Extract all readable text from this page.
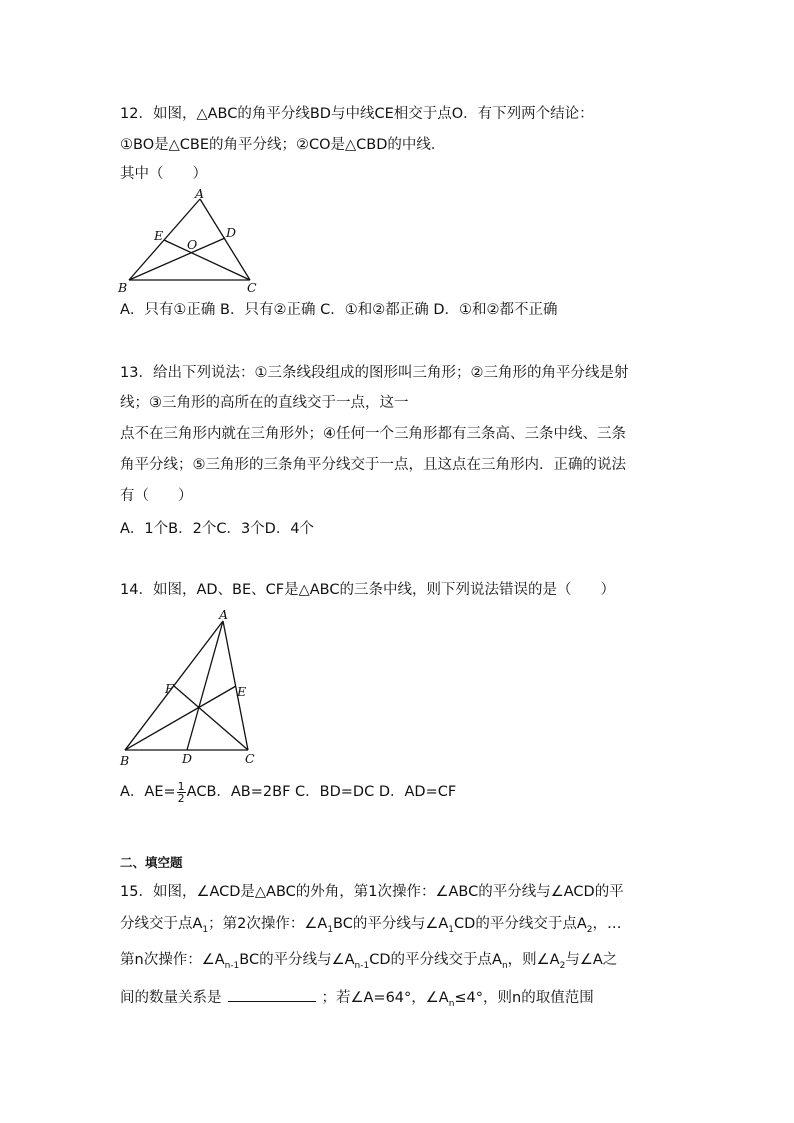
12．如图，△ABC的角平分线BD与中线CE相交于点O．有下列两个结论：
①BO是△CBE的角平分线；②CO是△CBD的中线．
其中（　　）
A
B	C
D
E
O
A．只有①正确 B．只有②正确 C．①和②都正确 D．①和②都不正确
13．给出下列说法：①三条线段组成的图形叫三角形；②三角形的角平分线是射
线；③三角形的高所在的直线交于一点，这一
点不在三角形内就在三角形外；④任何一个三角形都有三条高、三条中线、三条
角平分线；⑤三角形的三条角平分线交于一点，且这点在三角形内．正确的说法
有（　　）
A．1个B．2个C．3个D．4个
14．如图，AD、BE、CF是△ABC的三条中线，则下列说法错误的是（　　）
A
B	C
D
E
F
A．$AE= \frac{1}{2}$ ACB．AB=2BF C．BD=DC D．AD=CF
二、填空题
15．如图，∠ACD是△ABC的外角，第1次操作：∠ABC的平分线与∠ACD的平
分线交于点$A_1$；第2次操作：$\angle A_1BC$的平分线与$\angle A_1CD$的平分线交于点$A_2$，…
第n次操作：$\angle A_{n-1}BC$的平分线与$\angle A_{n-1}CD$的平分线交于点$A_n$，则$\angle A_2$与∠A之
间的数量关系是	；若∠A=64°，$\angle A_n\le 4^\circ$，则n的取值范围
